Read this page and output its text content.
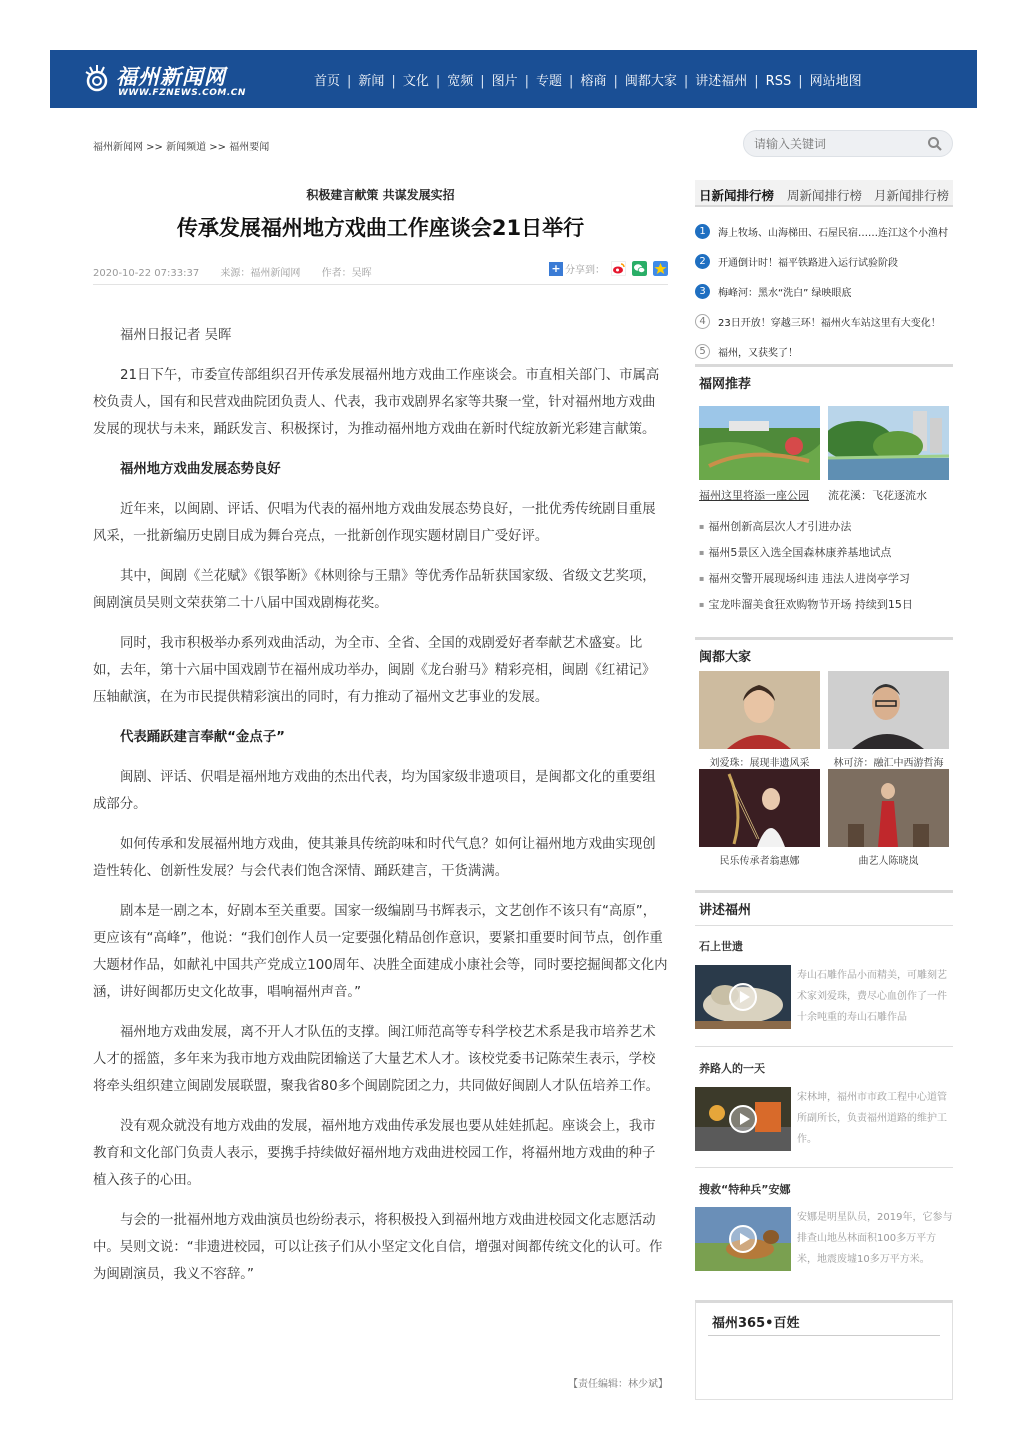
福州新闻网
WWW.FZNEWS.COM.CN
首页 | 新闻 | 文化 | 宽频 | 图片 | 专题 | 榕商 | 闽都大家 | 讲述福州 | RSS | 网站地图
福州新闻网 >> 新闻频道 >> 福州要闻
请输入关键词
积极建言献策 共谋发展实招
传承发展福州地方戏曲工作座谈会21日举行
2020-10-22 07:33:37 来源：福州新闻网 作者：吴晖	+ 分享到：

福州日报记者 吴晖

21日下午，市委宣传部组织召开传承发展福州地方戏曲工作座谈会。市直相关部门、市属高校负责人，国有和民营戏曲院团负责人、代表，我市戏剧界名家等共聚一堂，针对福州地方戏曲发展的现状与未来，踊跃发言、积极探讨，为推动福州地方戏曲在新时代绽放新光彩建言献策。

福州地方戏曲发展态势良好

近年来，以闽剧、评话、伬唱为代表的福州地方戏曲发展态势良好，一批优秀传统剧目重展风采，一批新编历史剧目成为舞台亮点，一批新创作现实题材剧目广受好评。

其中，闽剧《兰花赋》《银筝断》《林则徐与王鼎》等优秀作品斩获国家级、省级文艺奖项，闽剧演员吴则文荣获第二十八届中国戏剧梅花奖。

同时，我市积极举办系列戏曲活动，为全市、全省、全国的戏剧爱好者奉献艺术盛宴。比如，去年，第十六届中国戏剧节在福州成功举办，闽剧《龙台驸马》精彩亮相，闽剧《红裙记》压轴献演，在为市民提供精彩演出的同时，有力推动了福州文艺事业的发展。

代表踊跃建言奉献“金点子”

闽剧、评话、伬唱是福州地方戏曲的杰出代表，均为国家级非遗项目，是闽都文化的重要组成部分。

如何传承和发展福州地方戏曲，使其兼具传统韵味和时代气息？如何让福州地方戏曲实现创造性转化、创新性发展？与会代表们饱含深情、踊跃建言，干货满满。

剧本是一剧之本，好剧本至关重要。国家一级编剧马书辉表示，文艺创作不该只有“高原”，更应该有“高峰”，他说：“我们创作人员一定要强化精品创作意识，要紧扣重要时间节点，创作重大题材作品，如献礼中国共产党成立100周年、决胜全面建成小康社会等，同时要挖掘闽都文化内涵，讲好闽都历史文化故事，唱响福州声音。”

福州地方戏曲发展，离不开人才队伍的支撑。闽江师范高等专科学校艺术系是我市培养艺术人才的摇篮，多年来为我市地方戏曲院团输送了大量艺术人才。该校党委书记陈荣生表示，学校将牵头组织建立闽剧发展联盟，聚我省80多个闽剧院团之力，共同做好闽剧人才队伍培养工作。

没有观众就没有地方戏曲的发展，福州地方戏曲传承发展也要从娃娃抓起。座谈会上，我市教育和文化部门负责人表示，要携手持续做好福州地方戏曲进校园工作，将福州地方戏曲的种子植入孩子的心田。

与会的一批福州地方戏曲演员也纷纷表示，将积极投入到福州地方戏曲进校园文化志愿活动中。吴则文说：“非遗进校园，可以让孩子们从小坚定文化自信，增强对闽都传统文化的认可。作为闽剧演员，我义不容辞。”

【责任编辑：林少斌】
日新闻排行榜 周新闻排行榜 月新闻排行榜
1	海上牧场、山海梯田、石屋民宿……连江这个小渔村
2	开通倒计时！福平铁路进入运行试验阶段
3	梅峰河：黑水“洗白” 绿映眼底
4	23日开放！穿越三环！福州火车站这里有大变化！
5	福州，又获奖了！
福网推荐
福州这里将添一座公园 流花溪：飞花逐流水
▪ 福州创新高层次人才引进办法
▪ 福州5景区入选全国森林康养基地试点
▪ 福州交警开展现场纠违 违法人进岗亭学习
▪ 宝龙咔溜美食狂欢购物节开场 持续到15日
闽都大家
刘爱珠：展现非遗风采	林可济：融汇中西游哲海
民乐传承者翁惠娜	曲艺人陈晓岚
讲述福州
石上世遗
寿山石雕作品小而精美，可雕刻艺术家刘爱珠，费尽心血创作了一件十余吨重的寿山石雕作品
养路人的一天
宋林坤，福州市市政工程中心道管所副所长，负责福州道路的维护工作。
搜救“特种兵”安娜
安娜是明星队员，2019年，它参与排查山地丛林面积100多万平方米，地震废墟10多万平方米。
福州365•百姓
